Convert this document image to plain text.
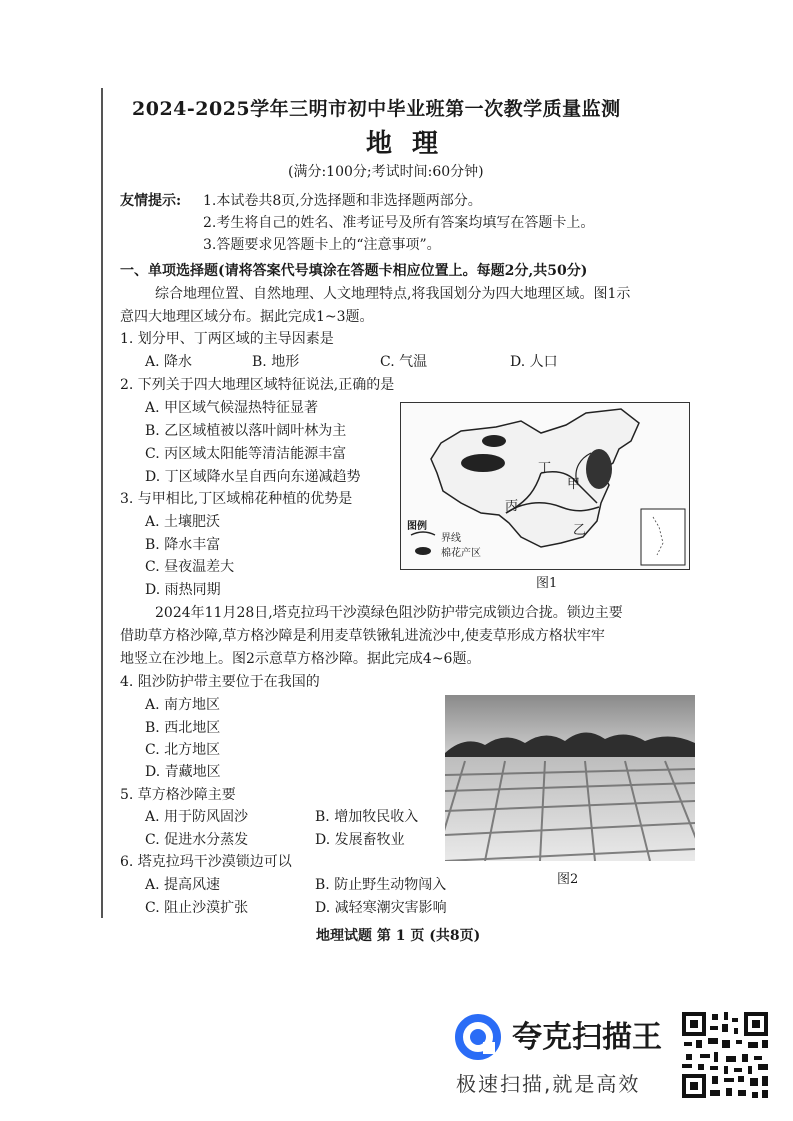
2024-2025学年三明市初中毕业班第一次教学质量监测
地理
(满分:100分;考试时间:60分钟)
友情提示: 1.本试卷共8页,分选择题和非选择题两部分。
2.考生将自己的姓名、准考证号及所有答案均填写在答题卡上。
3.答题要求见答题卡上的“注意事项”。
一、单项选择题(请将答案代号填涂在答题卡相应位置上。每题2分,共50分)
综合地理位置、自然地理、人文地理特点,将我国划分为四大地理区域。图1示
意四大地理区域分布。据此完成1~3题。
1. 划分甲、丁两区域的主导因素是
A. 降水	B. 地形	C. 气温	D. 人口
2. 下列关于四大地理区域特征说法,正确的是
A. 甲区域气候湿热特征显著
B. 乙区域植被以落叶阔叶林为主
C. 丙区域太阳能等清洁能源丰富
D. 丁区域降水呈自西向东递减趋势
3. 与甲相比,丁区域棉花种植的优势是
A. 土壤肥沃
B. 降水丰富
C. 昼夜温差大
D. 雨热同期
丁
甲
丙
乙
图例
界线
棉花产区
图1
2024年11月28日,塔克拉玛干沙漠绿色阻沙防护带完成锁边合拢。锁边主要
借助草方格沙障,草方格沙障是利用麦草铁锹轧进流沙中,使麦草形成方格状牢牢
地竖立在沙地上。图2示意草方格沙障。据此完成4~6题。
4. 阻沙防护带主要位于在我国的
A. 南方地区
B. 西北地区
C. 北方地区
D. 青藏地区
5. 草方格沙障主要
A. 用于防风固沙	B. 增加牧民收入
C. 促进水分蒸发	D. 发展畜牧业
6. 塔克拉玛干沙漠锁边可以
A. 提高风速	B. 防止野生动物闯入
C. 阻止沙漠扩张	D. 减轻寒潮灾害影响
图2
地理试题 第 1 页 (共8页)
夸克扫描王
极速扫描,就是高效
